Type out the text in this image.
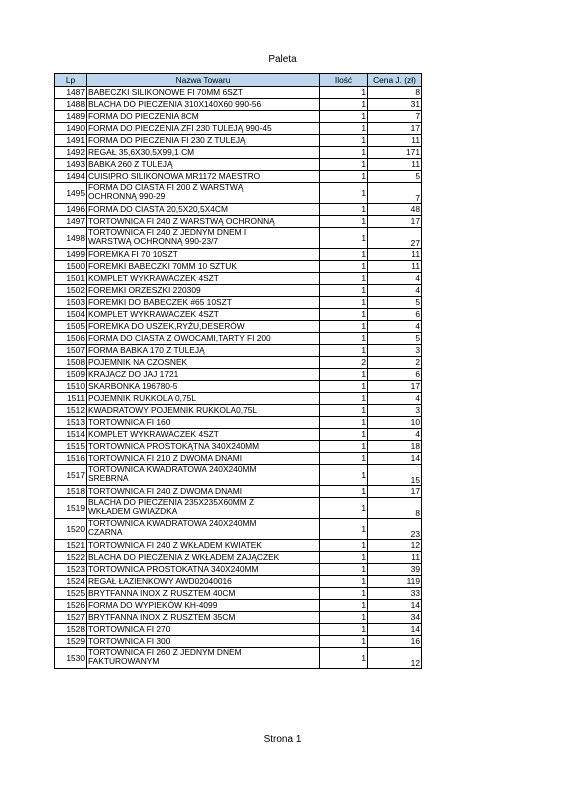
Paleta
Lp	Nazwa Towaru	Ilość	Cena J. (zł)
1487	BABECZKI SILIKONOWE FI 70MM 6SZT	1	8
1488	BLACHA DO PIECZENIA 310X140X60 990-56	1	31
1489	FORMA DO PIECZENIA 8CM	1	7
1490	FORMA DO PIECZENIA ZFI 230 TULEJĄ 990-45	1	17
1491	FORMA DO PIECZENIA FI 230 Z TULEJĄ	1	11
1492	REGAŁ 35,6X30,5X99,1 CM	1	171
1493	BABKA 260 Z TULEJĄ	1	11
1494	CUISIPRO SILIKONOWA MR1172 MAESTRO	1	5
1495	FORMA DO CIASTA FI 200 Z WARSTWĄ
OCHRONNĄ 990-29	1	7
1496	FORMA DO CIASTA 20,5X20,5X4CM	1	48
1497	TORTOWNICA FI 240 Z WARSTWĄ OCHRONNĄ	1	17
1498	TORTOWNICA FI 240 Z JEDNYM DNEM I
WARSTWĄ OCHRONNĄ 990-23/7	1	27
1499	FOREMKA FI 70 10SZT	1	11
1500	FOREMKI BABECZKI 70MM 10 SZTUK	1	11
1501	KOMPLET WYKRAWACZEK 4SZT	1	4
1502	FOREMKI ORZESZKI 220309	1	4
1503	FOREMKI DO BABECZEK #65 10SZT	1	5
1504	KOMPLET WYKRAWACZEK 4SZT	1	6
1505	FOREMKA DO USZEK,RYŻU,DESERÓW	1	4
1506	FORMA DO CIASTA Z OWOCAMI,TARTY FI 200	1	5
1507	FORMA BABKA 170 Z TULEJĄ	1	3
1508	POJEMNIK NA CZOSNEK	2	2
1509	KRAJACZ DO JAJ 1721	1	6
1510	SKARBONKA 196780-5	1	17
1511	POJEMNIK RUKKOLA 0,75L	1	4
1512	KWADRATOWY POJEMNIK RUKKOLA0,75L	1	3
1513	TORTOWNICA FI 160	1	10
1514	KOMPLET WYKRAWACZEK 4SZT	1	4
1515	TORTOWNICA PROSTOKĄTNA 340X240MM	1	18
1516	TORTOWNICA FI 210 Z DWOMA DNAMI	1	14
1517	TORTOWNICA KWADRATOWA 240X240MM
SREBRNA	1	15
1518	TORTOWNICA FI 240 Z DWOMA DNAMI	1	17
1519	BLACHA DO PIECZENIA 235X235X60MM Z
WKŁADEM GWIAZDKA	1	8
1520	TORTOWNICA KWADRATOWA 240X240MM
CZARNA	1	23
1521	TORTOWNICA FI 240 Z WKŁADEM KWIATEK	1	12
1522	BLACHA DO PIECZENIA Z WKŁADEM ZAJĄCZEK	1	11
1523	TORTOWNICA PROSTOKATNA 340X240MM	1	39
1524	REGAŁ ŁAZIENKOWY AWD02040016	1	119
1525	BRYTFANNA INOX Z RUSZTEM 40CM	1	33
1526	FORMA DO WYPIEKÓW KH-4099	1	14
1527	BRYTFANNA INOX Z RUSZTEM 35CM	1	34
1528	TORTOWNICA FI 270	1	14
1529	TORTOWNICA FI 300	1	16
1530	TORTOWNICA FI 260 Z JEDNYM DNEM
FAKTUROWANYM	1	12
Strona 1
